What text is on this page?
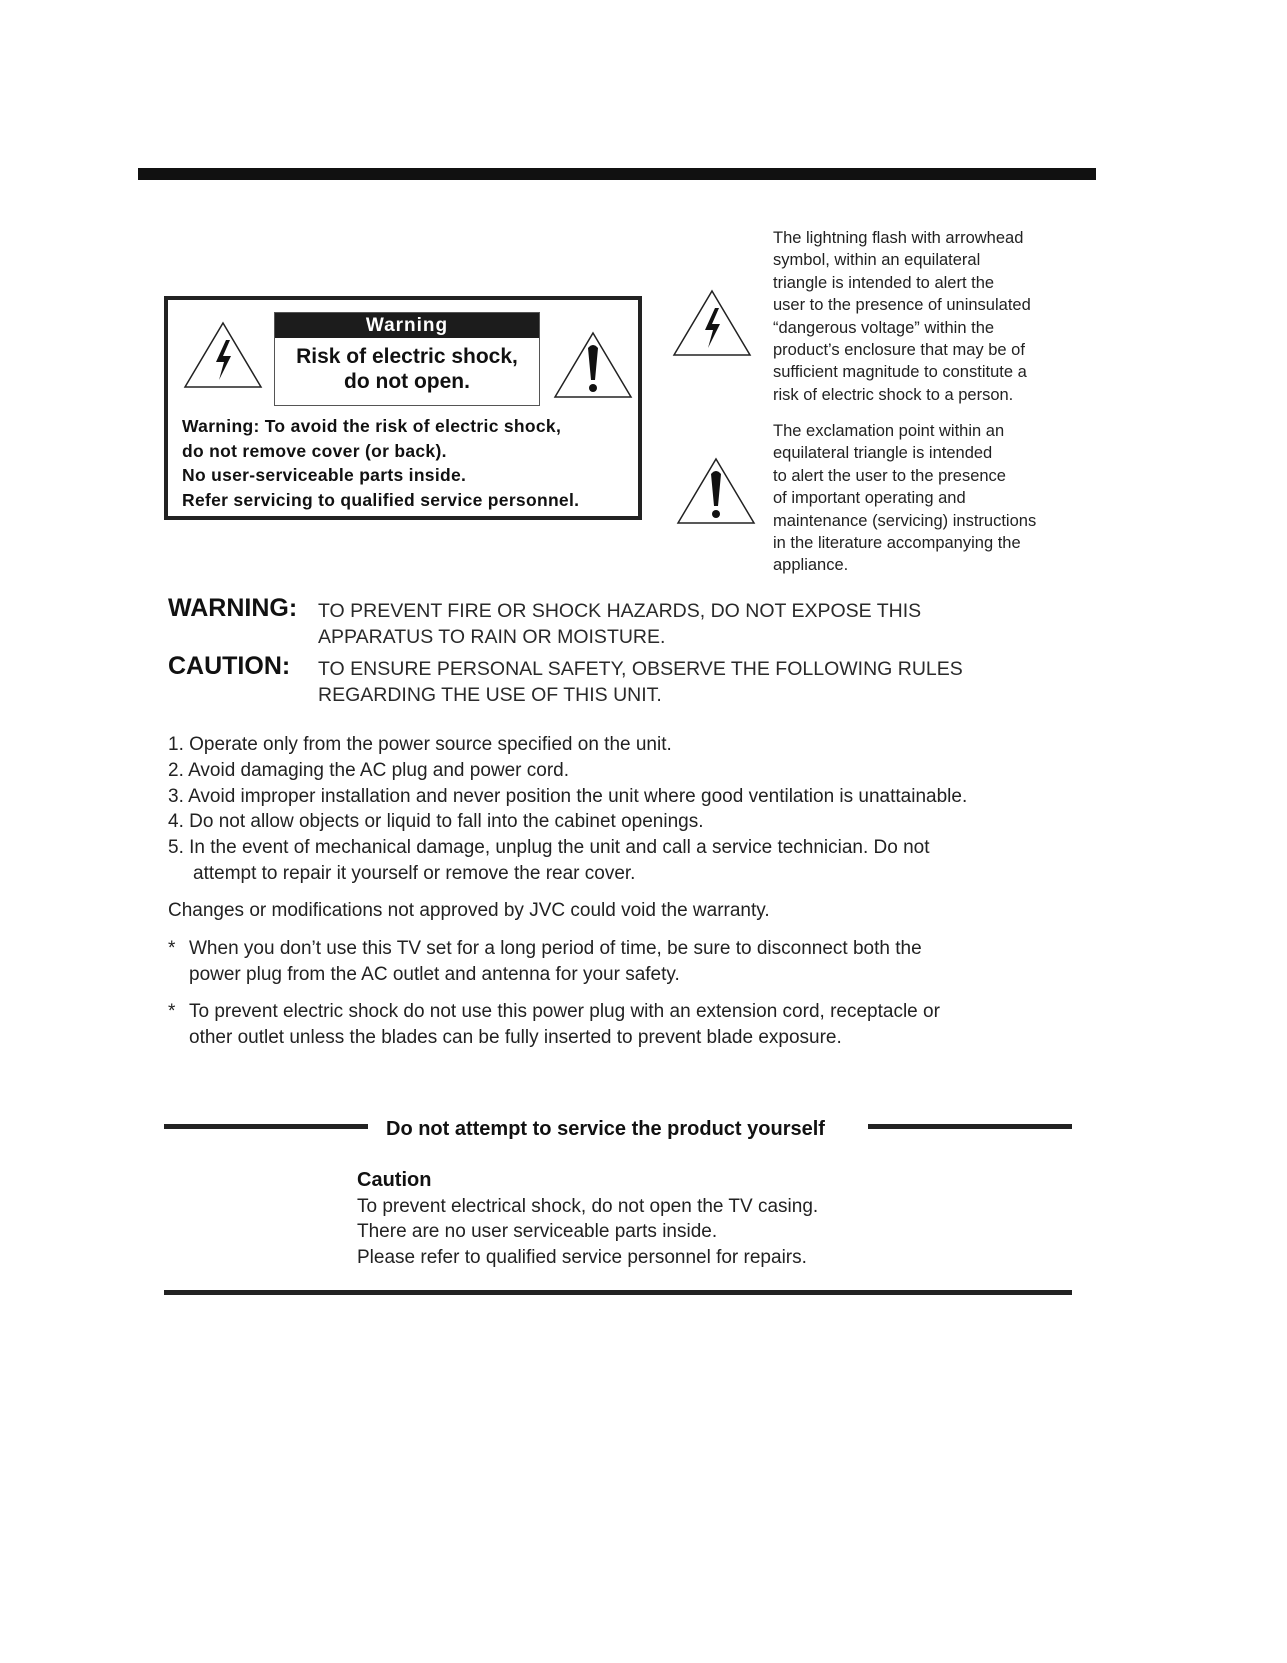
Warning
Risk of electric shock,
do not open.
Warning: To avoid the risk of electric shock,
do not remove cover (or back).
No user-serviceable parts inside.
Refer servicing to qualified service personnel.
The lightning flash with arrowhead
symbol, within an equilateral
triangle is intended to alert the
user to the presence of uninsulated
“dangerous voltage” within the
product’s enclosure that may be of
sufficient magnitude to constitute a
risk of electric shock to a person.
The exclamation point within an
equilateral triangle is intended
to alert the user to the presence
of important operating and
maintenance (servicing) instructions
in the literature accompanying the
appliance.
WARNING: TO PREVENT FIRE OR SHOCK HAZARDS, DO NOT EXPOSE THIS
APPARATUS TO RAIN OR MOISTURE.
CAUTION: TO ENSURE PERSONAL SAFETY, OBSERVE THE FOLLOWING RULES
REGARDING THE USE OF THIS UNIT.
1. Operate only from the power source specified on the unit.
2. Avoid damaging the AC plug and power cord.
3. Avoid improper installation and never position the unit where good ventilation is unattainable.
4. Do not allow objects or liquid to fall into the cabinet openings.
5. In the event of mechanical damage, unplug the unit and call a service technician. Do not
attempt to repair it yourself or remove the rear cover.
Changes or modifications not approved by JVC could void the warranty.
* When you don’t use this TV set for a long period of time, be sure to disconnect both the
power plug from the AC outlet and antenna for your safety.
* To prevent electric shock do not use this power plug with an extension cord, receptacle or
other outlet unless the blades can be fully inserted to prevent blade exposure.
Do not attempt to service the product yourself
Caution
To prevent electrical shock, do not open the TV casing.
There are no user serviceable parts inside.
Please refer to qualified service personnel for repairs.
